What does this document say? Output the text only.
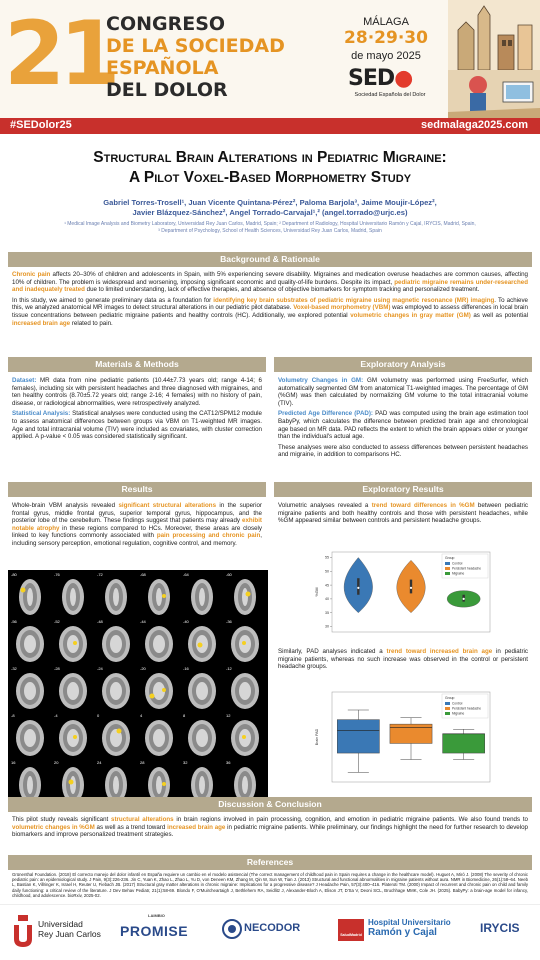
21
CONGRESO
DE LA SOCIEDAD
ESPAÑOLA
DEL DOLOR
MÁLAGA
28·29·30
de mayo 2025
SED●
Sociedad Española del Dolor
#SEDolor25	sedmalaga2025.com
Structural Brain Alterations in Pediatric Migraine:
A Pilot Voxel-Based Morphometry Study
Gabriel Torres-Trosell¹, Juan Vicente Quintana-Pérez², Paloma Barjola³, Jaime Moujir-López²,
Javier Blázquez-Sánchez², Angel Torrado-Carvajal¹,² (angel.torrado@urjc.es)
¹ Medical Image Analysis and Biometry Laboratory, Universidad Rey Juan Carlos, Madrid, Spain; ² Department of Radiology, Hospital Universitario Ramón y Cajal, IRYCIS, Madrid, Spain,
³ Department of Psychology, School of Health Sciences, Universidad Rey Juan Carlos, Madrid, Spain
Background & Rationale

Chronic pain affects 20–30% of children and adolescents in Spain, with 5% experiencing severe disability. Migraines and medication overuse headaches are common causes, affecting 10% of children. The problem is widespread and worsening, imposing significant economic and quality-of-life burdens. Despite its impact, pediatric migraine remains under-researched and inadequately treated due to limited understanding, lack of effective therapies, and absence of objective biomarkers for symptom tracking and personalized treatment.

In this study, we aimed to generate preliminary data as a foundation for identifying key brain substrates of pediatric migraine using magnetic resonance (MR) imaging. To achieve this, we analyzed anatomical MR images to detect structural alterations in our pediatric pilot database. Voxel-based morphometry (VBM) was employed to assess differences in local brain tissue concentrations between pediatric migraine patients and healthy controls (HC). Additionally, we explored potential volumetric changes in gray matter (GM) as well as potential increased brain age related to pain.

Materials & Methods

Dataset: MR data from nine pediatric patients (10.44±7.73 years old; range 4-14; 6 females), including six with persistent headaches and three diagnosed with migraines, and ten healthy controls (8.70±5.72 years old; range 2-16; 4 females) with no history of pain, disease, or radiological abnormalities, were retrospectively analyzed.

Statistical Analysis: Statistical analyses were conducted using the CAT12/SPM12 module to assess anatomical differences between groups via VBM on T1-weighted MR images. Age and total intracranial volume (TIV) were included as covariates, with cluster correction applied. A p-value < 0.05 was considered statistically significant.

Exploratory Analysis

Volumetry Changes in GM: GM volumetry was performed using FreeSurfer, which automatically segmented GM from anatomical T1-weighted images. The percentage of GM (%GM) was then calculated by normalizing GM volume to the total intracranial volume (TIV).

Predicted Age Difference (PAD): PAD was computed using the brain age estimation tool BabyPy, which calculates the difference between predicted brain age and chronological age based on MR data. PAD reflects the extent to which the brain appears older or younger than the individual's actual age.

These analyses were also conducted to assess differences between persistent headaches and migraine, in addition to comparisons HC.

Results

Whole-brain VBM analysis revealed significant structural alterations in the superior frontal gyrus, middle frontal gyrus, superior temporal gyrus, hippocampus, and the posterior lobe of the cerebellum. These findings suggest that patients may already exhibit notable atrophy in these regions compared to HCs. Moreover, these areas are closely linked to key functions commonly associated with pain processing and chronic pain, including sensory perception, emotional regulation, cognitive control, and memory.

-80	-76	-72	-68	-64	-60
-56	-52	-48	-44	-40	-36
-32	-28	-24	-20	-16	-12
-8	-4	0	4	8	12
16	20	24	28	32	36
Exploratory Results

Volumetric analyses revealed a trend toward differences in %GM between pediatric migraine patients and both healthy controls and those with persistent headaches, while %GM appeared similar between controls and persistent headache groups.

30
35
40
45
50
55
%GM
Group
Control
Persistent headache
Migraine

Similarly, PAD analyses indicated a trend toward increased brain age in pediatric migraine patients, whereas no such increase was observed in the control or persistent headache groups.

Brain PAD
Group
Control
Persistent headache
Migraine
Discussion & Conclusion

This pilot study reveals significant structural alterations in brain regions involved in pain processing, cognition, and emotion in pediatric migraine patients. We also found trends to volumetric changes in %GM as well as a trend toward increased brain age in pediatric migraine patients. While preliminary, our findings highlight the need for further research to develop biomarkers and improve personalized treatment strategies.

References
Grünenthal Foundation. (2018) El correcto manejo del dolor infantil en España requiere un cambio en el modelo asistencial (The correct management of childhood pain in Spain requires a change in the healthcare model). Huguet A, Miró J. (2008) The severity of chronic pediatric pain: an epidemiological study. J Pain, 9(3):226-236. Jin C, Yuan K, Zhao L, Zhao L, Yu D, von Deneen KM, Zhang M, Qin W, Sun W, Tian J. (2013) Structural and functional abnormalities in migraine patients without aura. NMR in Biomedicine, 26(1):58–64. Neeb L, Bastian K, Villringer K, Israel H, Reuter U, Fiebach JB. (2017) Structural gray matter alterations in chronic migraine: Implications for a progressive disease? J Headache Pain, 57(3):400–416. Plateroti TM. (2000) Impact of recurrent and chronic pain on child and family daily functioning: a critical review of the literature. J Dev Behav Pediatr, 21(1):58-69. Blondo F, O'Muircheartaigh J, Bethlehem RA, Seidlitz J, Alexander-Bloch A, Elison JT, D'Sa V, Deoni SCL, Bruchhage MMK, Cole JH. (2025). BabyPy: a brain-age model for infancy, childhood, and adolescence. bioRxiv, 2025-02.
Universidad
Rey Juan Carlos
LAIMBIO
PROMISE	NECODOR
SaludMadrid
Hospital Universitario
Ramón y Cajal	IRYCIS
